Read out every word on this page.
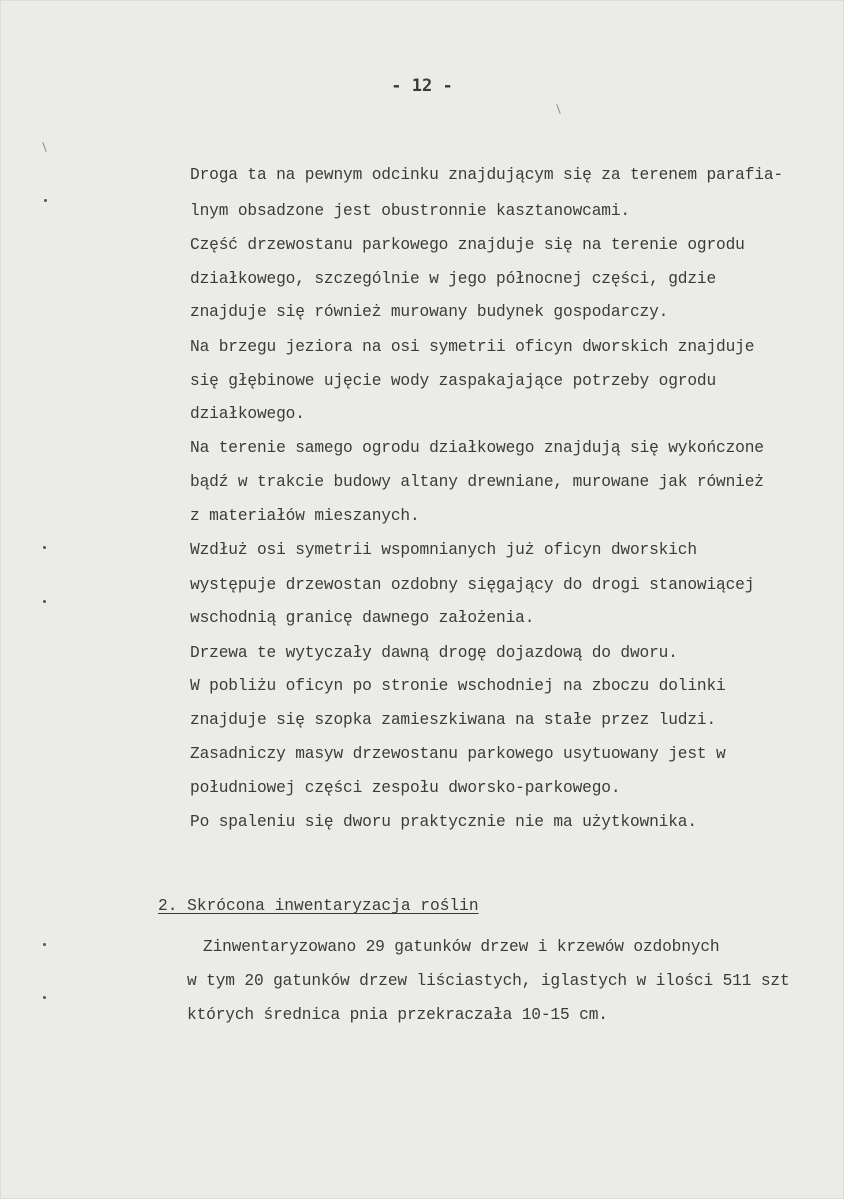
- 12 -
Droga ta na pewnym odcinku znajdującym się za terenem parafia-
lnym obsadzone jest obustronnie kasztanowcami.
Część drzewostanu parkowego znajduje się na terenie ogrodu
działkowego, szczególnie w jego północnej części, gdzie
znajduje się również murowany budynek gospodarczy.
Na brzegu jeziora na osi symetrii oficyn dworskich znajduje
się głębinowe ujęcie wody zaspakajające potrzeby ogrodu
działkowego.
Na terenie samego ogrodu działkowego znajdują się wykończone
bądź w trakcie budowy altany drewniane, murowane jak również
z materiałów mieszanych.
Wzdłuż osi symetrii wspomnianych już oficyn dworskich
występuje drzewostan ozdobny sięgający do drogi stanowiącej
wschodnią granicę dawnego założenia.
Drzewa te wytyczały dawną drogę dojazdową do dworu.
W pobliżu oficyn po stronie wschodniej na zboczu dolinki
znajduje się szopka zamieszkiwana na stałe przez ludzi.
Zasadniczy masyw drzewostanu parkowego usytuowany jest w
południowej części zespołu dworsko-parkowego.
Po spaleniu się dworu praktycznie nie ma użytkownika.
2. Skrócona inwentaryzacja roślin
Zinwentaryzowano 29 gatunków drzew i krzewów ozdobnych
w tym 20 gatunków drzew liściastych, iglastych w ilości 511 szt
których średnica pnia przekraczała 10-15 cm.
